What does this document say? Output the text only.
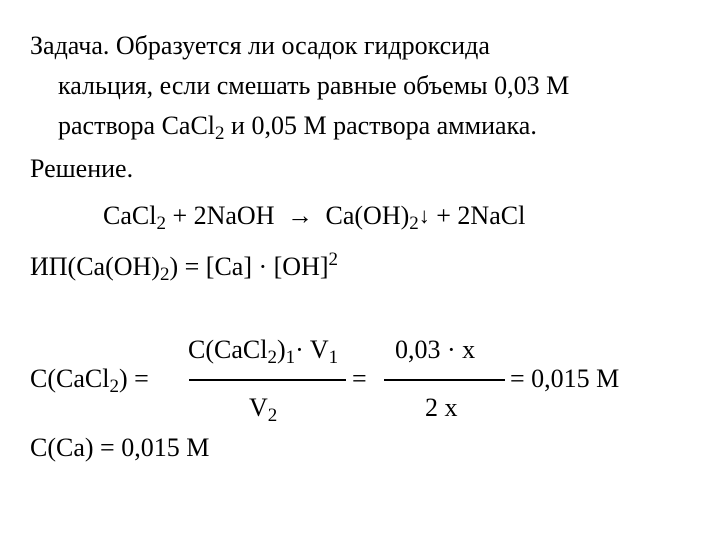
Задача. Образуется ли осадок гидроксида
кальция, если смешать равные объемы 0,03 М
раствора CaCl$_2$ и 0,05 М раствора аммиака.
Решение.
CaCl$_2$ + 2NaOH → $Ca(OH)_2↓$ + 2NaCl
$ИП(Ca(OH)_2) = [Ca] \cdot [OH]^2$
C(CaCl$_2$) =
$C(CaCl_2)_1\cdot V_1$
$V_2$
=
0,03 · x
2 x
= 0,015 М
C(Ca) = 0,015 М
